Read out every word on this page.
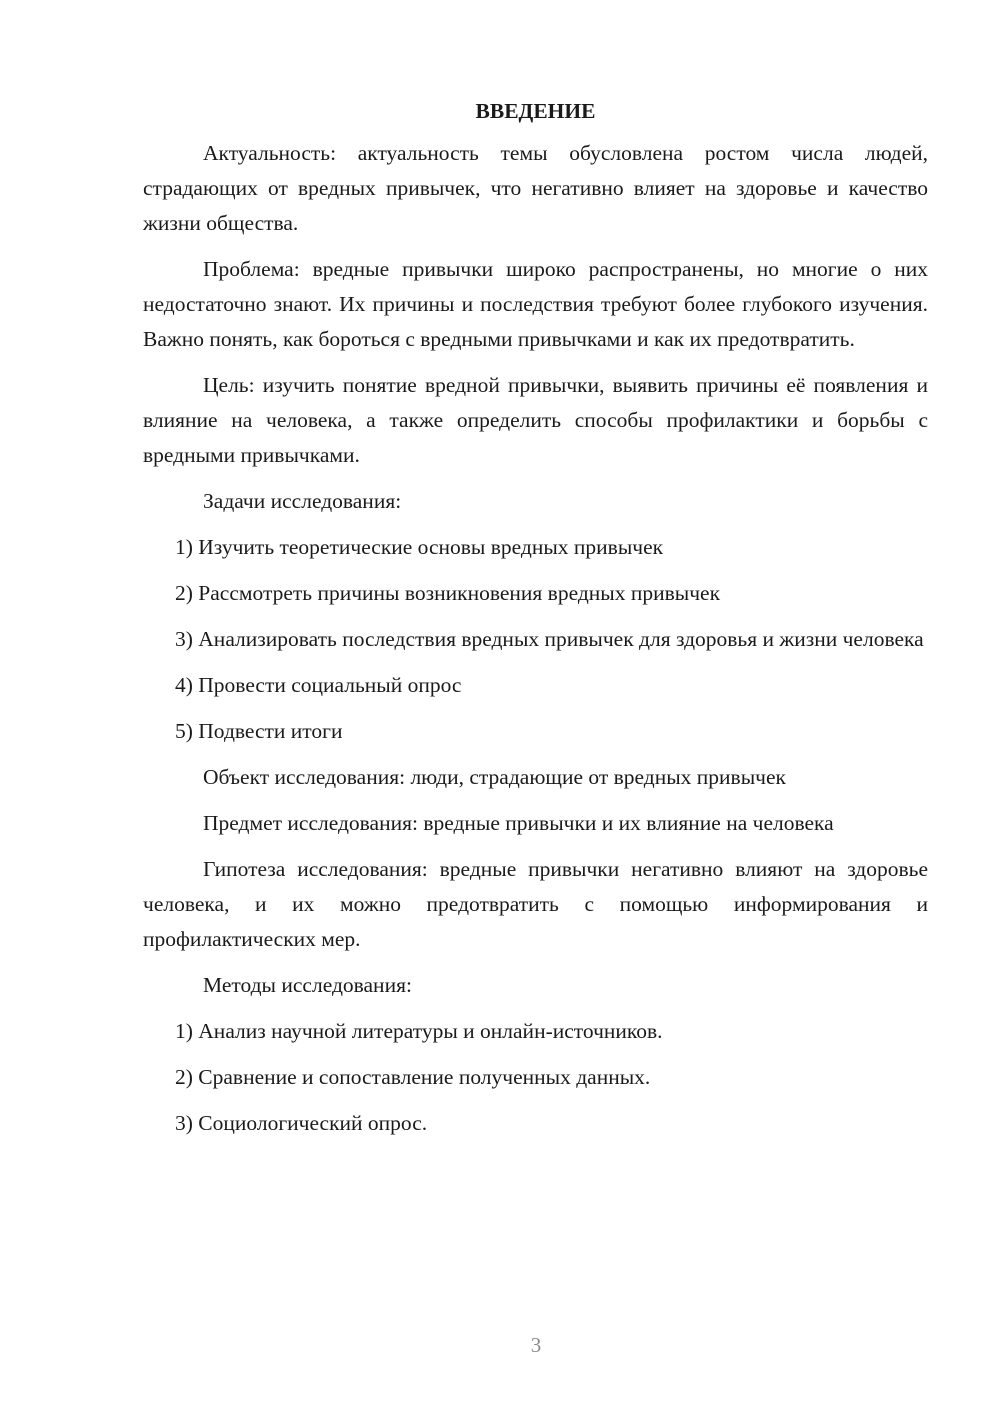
ВВЕДЕНИЕ

Актуальность: актуальность темы обусловлена ростом числа людей, страдающих от вредных привычек, что негативно влияет на здоровье и качество жизни общества.

Проблема: вредные привычки широко распространены, но многие о них недостаточно знают. Их причины и последствия требуют более глубокого изучения. Важно понять, как бороться с вредными привычками и как их предотвратить.

Цель: изучить понятие вредной привычки, выявить причины её появления и влияние на человека, а также определить способы профилактики и борьбы с вредными привычками.

Задачи исследования:

1) Изучить теоретические основы вредных привычек

2) Рассмотреть причины возникновения вредных привычек

3) Анализировать последствия вредных привычек для здоровья и жизни человека

4) Провести социальный опрос

5) Подвести итоги

Объект исследования: люди, страдающие от вредных привычек

Предмет исследования: вредные привычки и их влияние на человека

Гипотеза исследования: вредные привычки негативно влияют на здоровье человека, и их можно предотвратить с помощью информирования и профилактических мер.

Методы исследования:

1) Анализ научной литературы и онлайн-источников.

2) Сравнение и сопоставление полученных данных.

3) Социологический опрос.

3
